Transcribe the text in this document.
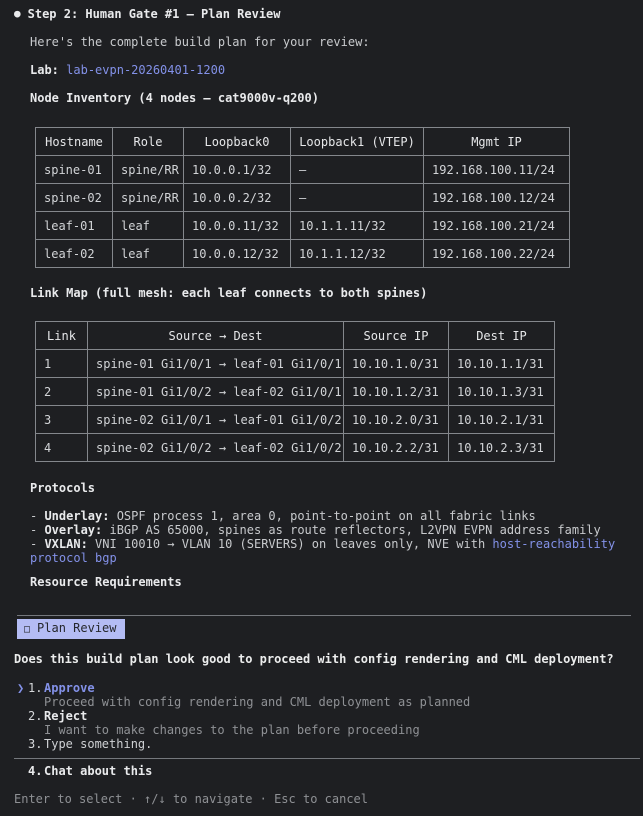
● Step 2: Human Gate #1 — Plan Review
Here's the complete build plan for your review:
Lab: lab-evpn-20260401-1200
Node Inventory (4 nodes — cat9000v-q200)
Hostname	Role	Loopback0	Loopback1 (VTEP)	Mgmt IP
spine-01	spine/RR	10.0.0.1/32	–	192.168.100.11/24
spine-02	spine/RR	10.0.0.2/32	–	192.168.100.12/24
leaf-01	leaf	10.0.0.11/32	10.1.1.11/32	192.168.100.21/24
leaf-02	leaf	10.0.0.12/32	10.1.1.12/32	192.168.100.22/24
Link Map (full mesh: each leaf connects to both spines)
Link	Source → Dest	Source IP	Dest IP
1	spine-01 Gi1/0/1 → leaf-01 Gi1/0/1	10.10.1.0/31	10.10.1.1/31
2	spine-01 Gi1/0/2 → leaf-02 Gi1/0/1	10.10.1.2/31	10.10.1.3/31
3	spine-02 Gi1/0/1 → leaf-01 Gi1/0/2	10.10.2.0/31	10.10.2.1/31
4	spine-02 Gi1/0/2 → leaf-02 Gi1/0/2	10.10.2.2/31	10.10.2.3/31
Protocols
- Underlay: OSPF process 1, area 0, point-to-point on all fabric links
- Overlay: iBGP AS 65000, spines as route reflectors, L2VPN EVPN address family
- VXLAN: VNI 10010 → VLAN 10 (SERVERS) on leaves only, NVE with host-reachability protocol bgp
Resource Requirements
□ Plan Review
Does this build plan look good to proceed with config rendering and CML deployment?
❯ 1. Approve
Proceed with config rendering and CML deployment as planned
2. Reject
I want to make changes to the plan before proceeding
3. Type something.
4. Chat about this
Enter to select · ↑/↓ to navigate · Esc to cancel
